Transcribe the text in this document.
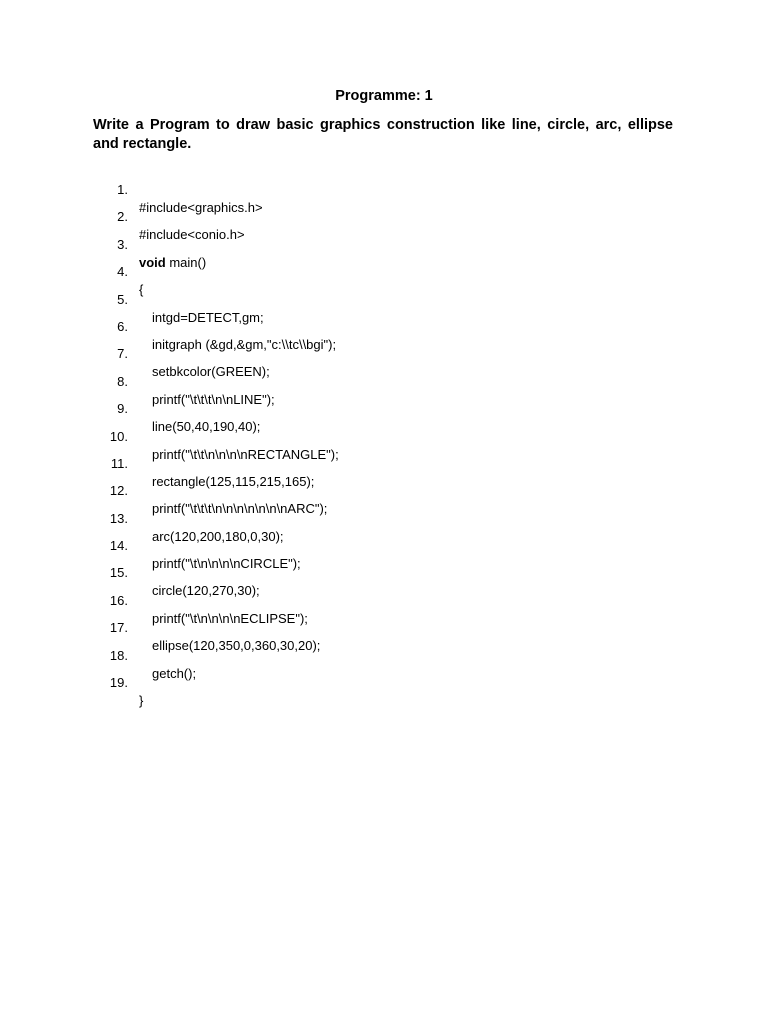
Programme: 1

Write a Program to draw basic graphics construction like line, circle, arc, ellipse and rectangle.

1.

#include<graphics.h>

2.

#include<conio.h>

3.

void main()

4.

{

5.

intgd=DETECT,gm;

6.

initgraph (&gd,&gm,"c:\\tc\\bgi");

7.

setbkcolor(GREEN);

8.

printf("\t\t\t\n\nLINE");

9.

line(50,40,190,40);

10.

printf("\t\t\n\n\n\nRECTANGLE");

11.

rectangle(125,115,215,165);

12.

printf("\t\t\t\n\n\n\n\n\n\nARC");

13.

arc(120,200,180,0,30);

14.

printf("\t\n\n\n\nCIRCLE");

15.

circle(120,270,30);

16.

printf("\t\n\n\n\nECLIPSE");

17.

ellipse(120,350,0,360,30,20);

18.

getch();

19.

}
